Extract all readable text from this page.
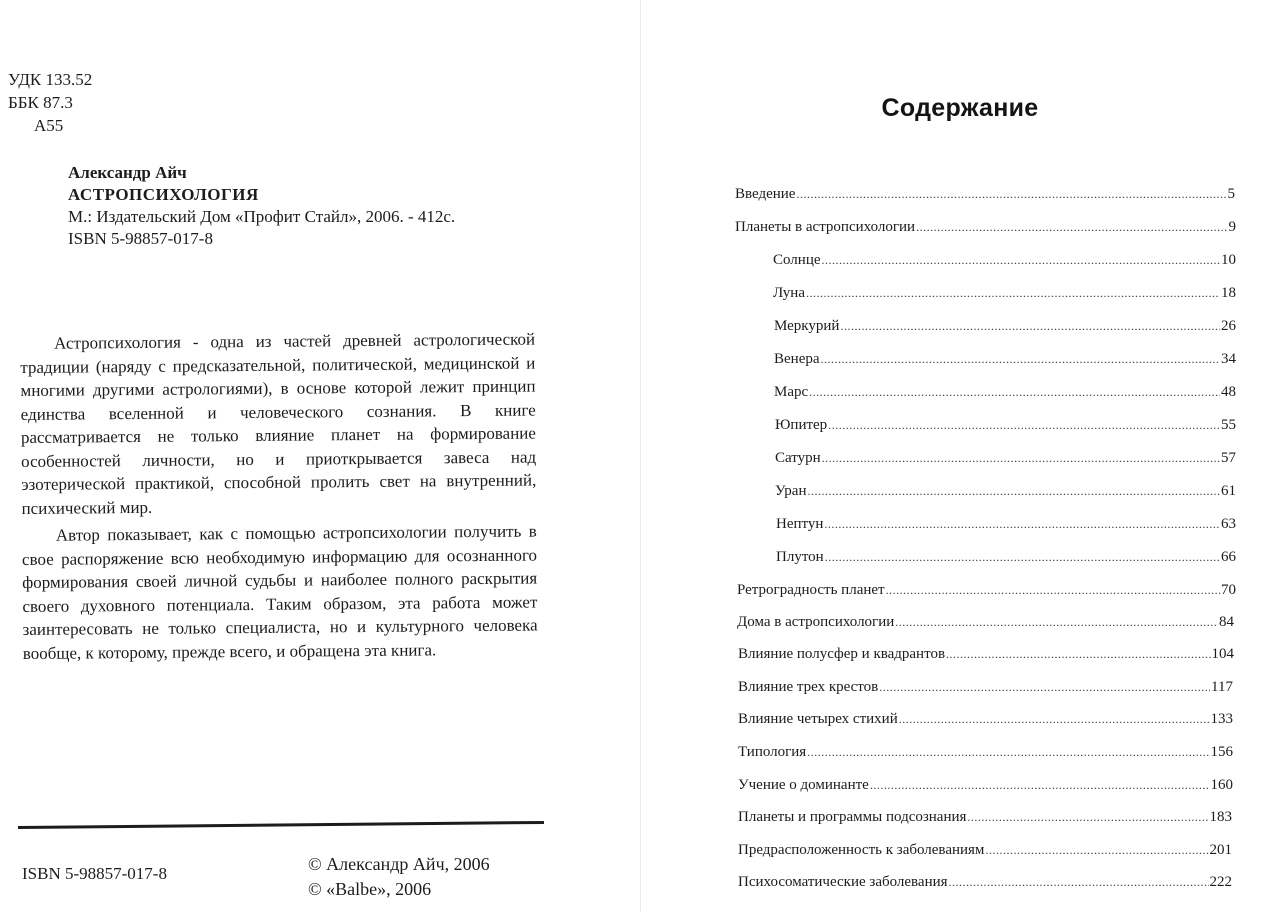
УДК 133.52
ББК 87.3
А55
Александр Айч
АСТРОПСИХОЛОГИЯ
М.: Издательский Дом «Профит Стайл», 2006. - 412с.
ISBN 5-98857-017-8

Астропсихология - одна из частей древней астрологической традиции (наряду с предсказательной, политической, медицинской и многими другими астрологиями), в основе которой лежит принцип единства вселенной и человеческого сознания. В книге рассматривается не только влияние планет на формирование особенностей личности, но и приоткрывается завеса над эзотерической практикой, способной пролить свет на внутренний, психический мир.

Автор показывает, как с помощью астропсихологии получить в свое распоряжение всю необходимую информацию для осознанного формирования своей личной судьбы и наиболее полного раскрытия своего духовного потенциала. Таким образом, эта работа может заинтересовать не только специалиста, но и культурного человека вообще, к которому, прежде всего, и обращена эта книга.

ISBN 5-98857-017-8	© Александр Айч, 2006
© «Balbe», 2006
Содержание
Введение .....	5
Планеты в астропсихологии .....	9
Солнце .....	10
Луна .....	18
Меркурий .....	26
Венера .....	34
Марс .....	48
Юпитер .....	55
Сатурн .....	57
Уран .....	61
Нептун .....	63
Плутон .....	66
Ретроградность планет .....	70
Дома в астропсихологии .....	84
Влияние полусфер и квадрантов .....	104
Влияние трех крестов .....	117
Влияние четырех стихий .....	133
Типология .....	156
Учение о доминанте .....	160
Планеты и программы подсознания .....	183
Предрасположенность к заболеваниям .....	201
Психосоматические заболевания .....	222
